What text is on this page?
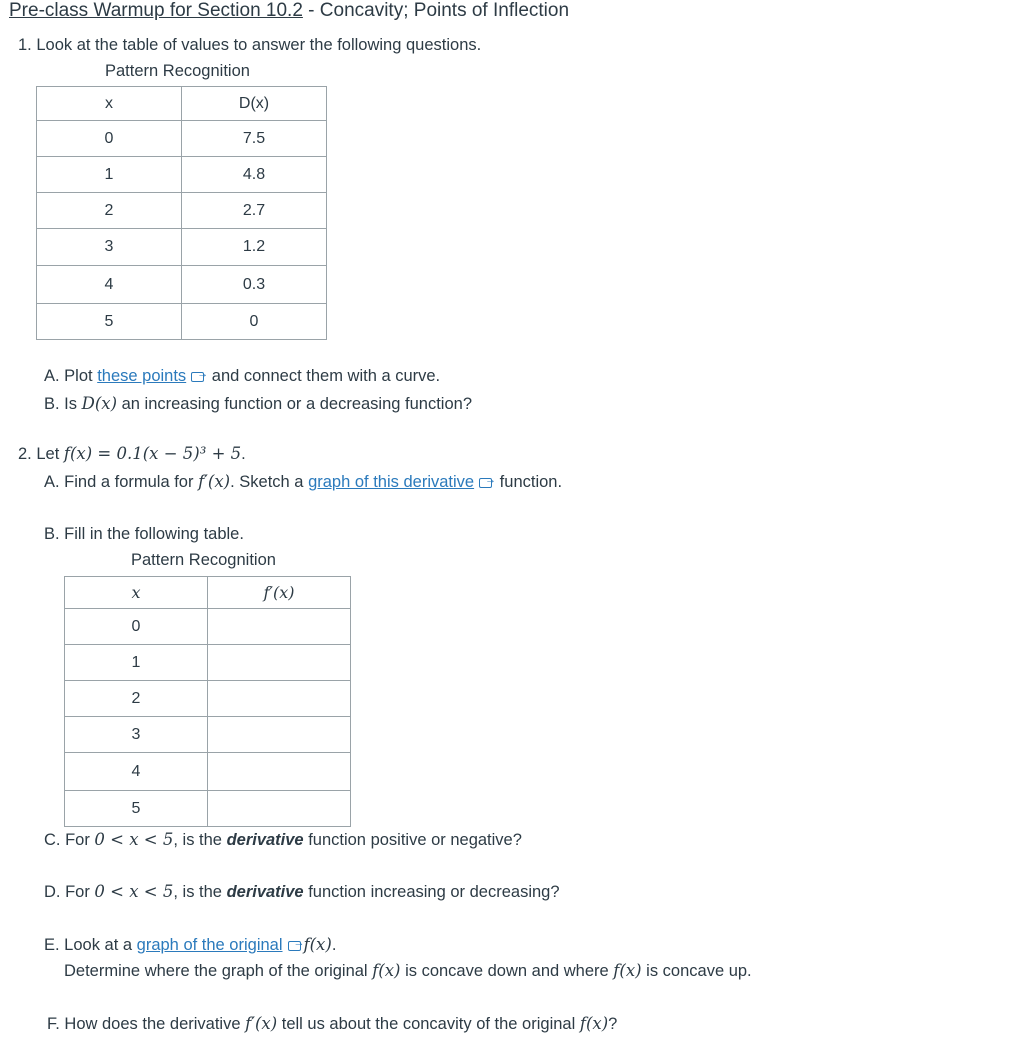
Pre-class Warmup for Section 10.2 - Concavity; Points of Inflection
1. Look at the table of values to answer the following questions.
Pattern Recognition
x	D(x)
0	7.5
1	4.8
2	2.7
3	1.2
4	0.3
5	0
A. Plot these points→ and connect them with a curve.
B. Is D(x) an increasing function or a decreasing function?
2. Let f(x) = 0.1(x − 5)³ + 5.
A. Find a formula for f′(x). Sketch a graph of this derivative→ function.
B. Fill in the following table.
Pattern Recognition
x	f′(x)
0	
1	
2	
3	
4	
5	
C. For 0 < x < 5, is the derivative function positive or negative?
D. For 0 < x < 5, is the derivative function increasing or decreasing?
E. Look at a graph of the original → f(x).
Determine where the graph of the original f(x) is concave down and where f(x) is concave up.
F. How does the derivative f′(x) tell us about the concavity of the original f(x)?
